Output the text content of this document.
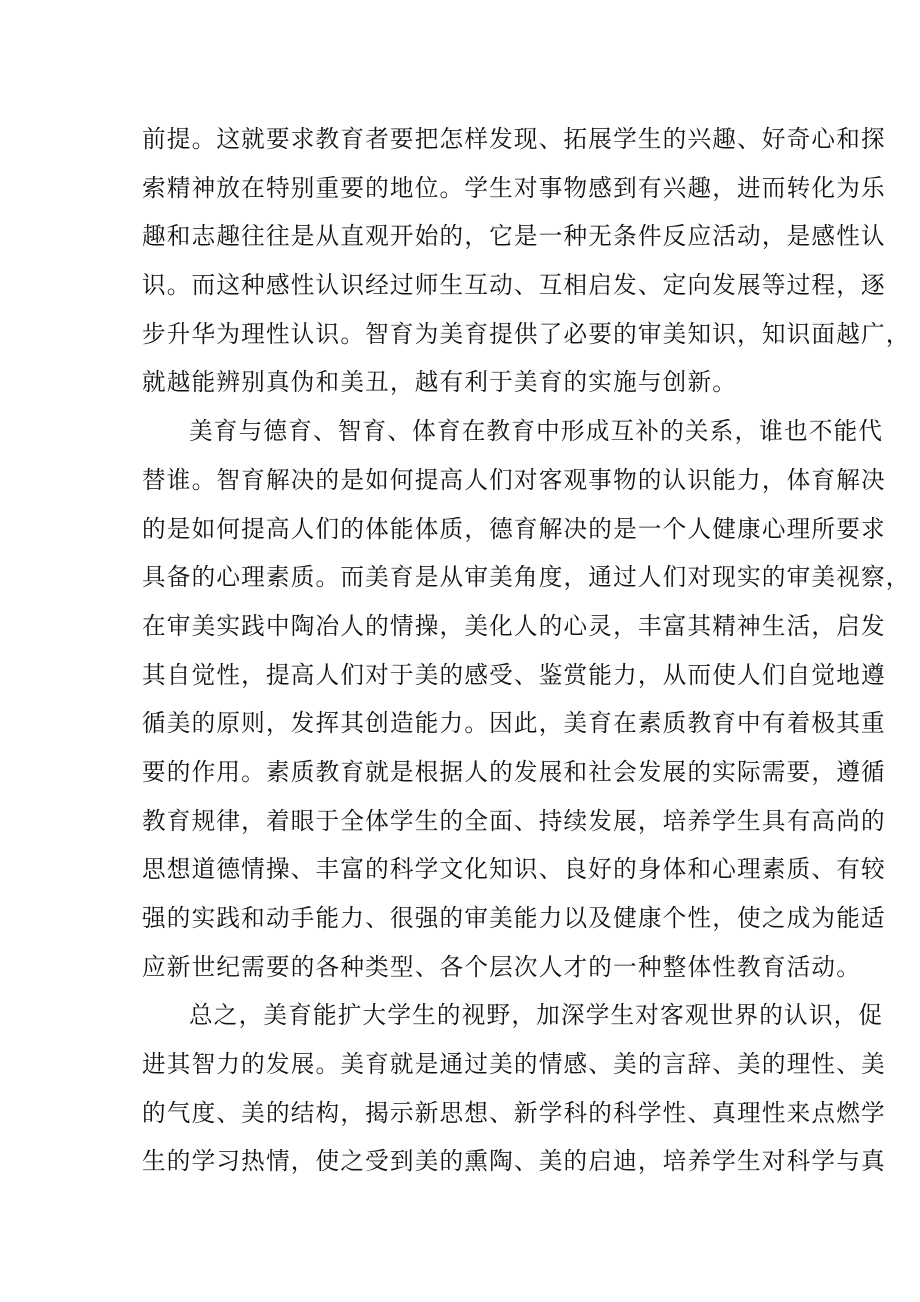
前提。这就要求教育者要把怎样发现、拓展学生的兴趣、好奇心和探
索精神放在特别重要的地位。学生对事物感到有兴趣，进而转化为乐
趣和志趣往往是从直观开始的，它是一种无条件反应活动，是感性认
识。而这种感性认识经过师生互动、互相启发、定向发展等过程，逐
步升华为理性认识。智育为美育提供了必要的审美知识，知识面越广，
就越能辨别真伪和美丑，越有利于美育的实施与创新。
美育与德育、智育、体育在教育中形成互补的关系，谁也不能代
替谁。智育解决的是如何提高人们对客观事物的认识能力，体育解决
的是如何提高人们的体能体质，德育解决的是一个人健康心理所要求
具备的心理素质。而美育是从审美角度，通过人们对现实的审美视察，
在审美实践中陶冶人的情操，美化人的心灵，丰富其精神生活，启发
其自觉性，提高人们对于美的感受、鉴赏能力，从而使人们自觉地遵
循美的原则，发挥其创造能力。因此，美育在素质教育中有着极其重
要的作用。素质教育就是根据人的发展和社会发展的实际需要，遵循
教育规律，着眼于全体学生的全面、持续发展，培养学生具有高尚的
思想道德情操、丰富的科学文化知识、良好的身体和心理素质、有较
强的实践和动手能力、很强的审美能力以及健康个性，使之成为能适
应新世纪需要的各种类型、各个层次人才的一种整体性教育活动。
总之，美育能扩大学生的视野，加深学生对客观世界的认识，促
进其智力的发展。美育就是通过美的情感、美的言辞、美的理性、美
的气度、美的结构，揭示新思想、新学科的科学性、真理性来点燃学
生的学习热情，使之受到美的熏陶、美的启迪，培养学生对科学与真
